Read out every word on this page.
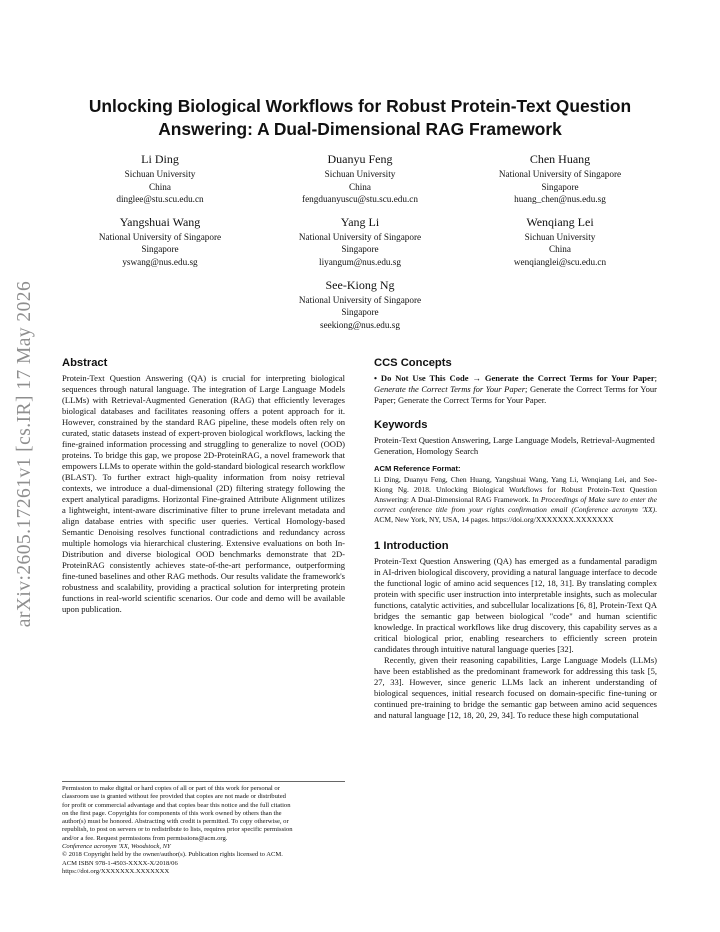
arXiv:2605.17261v1 [cs.IR] 17 May 2026
Unlocking Biological Workflows for Robust Protein-Text Question Answering: A Dual-Dimensional RAG Framework
Li Ding
Sichuan University
China
dinglee@stu.scu.edu.cn
Duanyu Feng
Sichuan University
China
fengduanyuscu@stu.scu.edu.cn
Chen Huang
National University of Singapore
Singapore
huang_chen@nus.edu.sg
Yangshuai Wang
National University of Singapore
Singapore
yswang@nus.edu.sg
Yang Li
National University of Singapore
Singapore
liyangum@nus.edu.sg
Wenqiang Lei
Sichuan University
China
wenqianglei@scu.edu.cn
See-Kiong Ng
National University of Singapore
Singapore
seekiong@nus.edu.sg
Abstract

Protein-Text Question Answering (QA) is crucial for interpreting biological sequences through natural language. The integration of Large Language Models (LLMs) with Retrieval-Augmented Generation (RAG) that efficiently leverages biological databases and facilitates reasoning offers a potent approach for it. However, constrained by the standard RAG pipeline, these models often rely on curated, static datasets instead of expert-proven biological workflows, lacking the fine-grained information processing and struggling to generalize to novel (OOD) proteins. To bridge this gap, we propose 2D-ProteinRAG, a novel framework that empowers LLMs to operate within the gold-standard biological research workflow (BLAST). To further extract high-quality information from noisy retrieval contexts, we introduce a dual-dimensional (2D) filtering strategy following the expert analytical paradigms. Horizontal Fine-grained Attribute Alignment utilizes a lightweight, intent-aware discriminative filter to prune irrelevant metadata and align database entries with specific user queries. Vertical Homology-based Semantic Denoising resolves functional contradictions and redundancy across multiple homologs via hierarchical clustering. Extensive evaluations on both In-Distribution and diverse biological OOD benchmarks demonstrate that 2D-ProteinRAG consistently achieves state-of-the-art performance, outperforming fine-tuned baselines and other RAG methods. Our results validate the framework's robustness and scalability, providing a practical solution for interpreting protein functions in real-world scientific scenarios. Our code and demo will be available upon publication.

Permission to make digital or hard copies of all or part of this work for personal or
classroom use is granted without fee provided that copies are not made or distributed
for profit or commercial advantage and that copies bear this notice and the full citation
on the first page. Copyrights for components of this work owned by others than the
author(s) must be honored. Abstracting with credit is permitted. To copy otherwise, or
republish, to post on servers or to redistribute to lists, requires prior specific permission
and/or a fee. Request permissions from permissions@acm.org.
Conference acronym 'XX, Woodstock, NY
© 2018 Copyright held by the owner/author(s). Publication rights licensed to ACM.
ACM ISBN 978-1-4503-XXXX-X/2018/06
https://doi.org/XXXXXXX.XXXXXXX
CCS Concepts

• Do Not Use This Code → Generate the Correct Terms for Your Paper; Generate the Correct Terms for Your Paper; Generate the Correct Terms for Your Paper; Generate the Correct Terms for Your Paper.

Keywords

Protein-Text Question Answering, Large Language Models, Retrieval-Augmented Generation, Homology Search

ACM Reference Format:

Li Ding, Duanyu Feng, Chen Huang, Yangshuai Wang, Yang Li, Wenqiang Lei, and See-Kiong Ng. 2018. Unlocking Biological Workflows for Robust Protein-Text Question Answering: A Dual-Dimensional RAG Framework. In Proceedings of Make sure to enter the correct conference title from your rights confirmation email (Conference acronym 'XX). ACM, New York, NY, USA, 14 pages. https://doi.org/XXXXXXX.XXXXXXX

1 Introduction

Protein-Text Question Answering (QA) has emerged as a fundamental paradigm in AI-driven biological discovery, providing a natural language interface to decode the functional logic of amino acid sequences [12, 18, 31]. By translating complex protein with specific user instruction into interpretable insights, such as molecular functions, catalytic activities, and subcellular localizations [6, 8], Protein-Text QA bridges the semantic gap between biological "code" and human scientific knowledge. In practical workflows like drug discovery, this capability serves as a critical biological prior, enabling researchers to efficiently screen protein candidates through intuitive natural language queries [32].

Recently, given their reasoning capabilities, Large Language Models (LLMs) have been established as the predominant framework for addressing this task [5, 27, 33]. However, since generic LLMs lack an inherent understanding of biological sequences, initial research focused on domain-specific fine-tuning or continued pre-training to bridge the semantic gap between amino acid sequences and natural language [12, 18, 20, 29, 34]. To reduce these high computational
